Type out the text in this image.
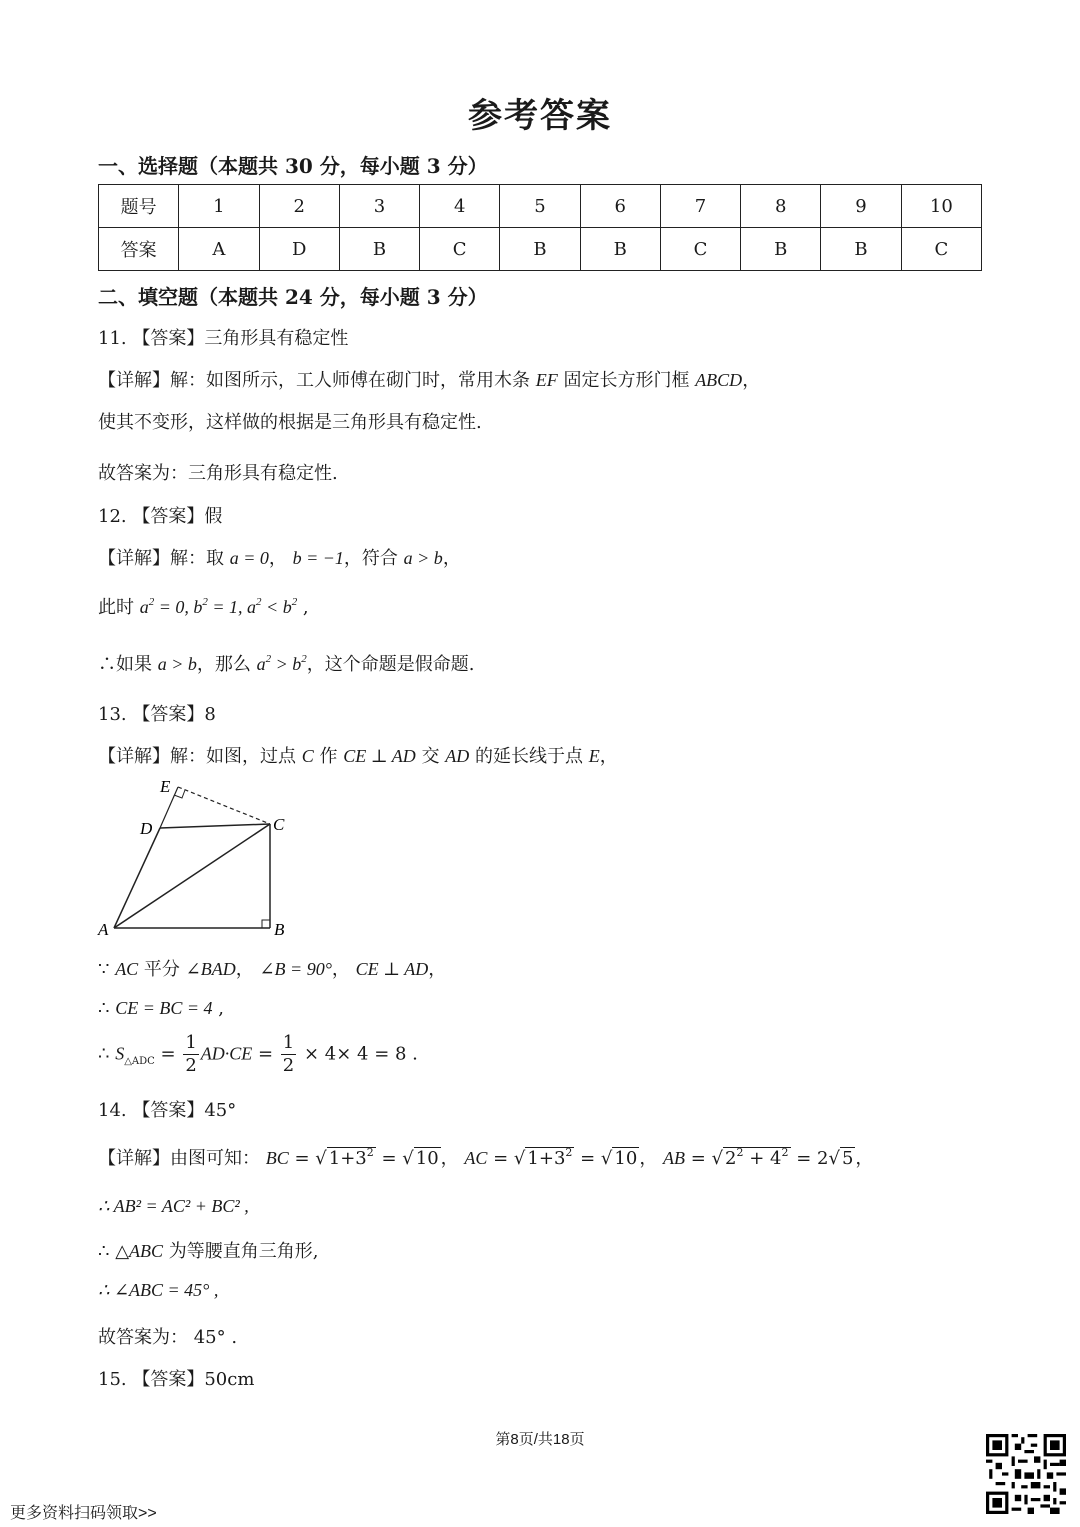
参考答案
一、选择题（本题共 30 分，每小题 3 分）
题号	1	2	3	4	5	6	7	8	9	10
答案	A	D	B	C	B	B	C	B	B	C
二、填空题（本题共 24 分，每小题 3 分）
11. 【答案】三角形具有稳定性
【详解】解：如图所示，工人师傅在砌门时，常用木条 EF 固定长方形门框 ABCD，
使其不变形，这样做的根据是三角形具有稳定性.
故答案为：三角形具有稳定性.
12. 【答案】假
【详解】解：取 a = 0， b = −1，符合 a > b，
此时 $a^2 = 0$, $b^2 = 1$, $a^2 < b^2$ ,
∴如果 a > b，那么 $a^2 > b^2$，这个命题是假命题.
13. 【答案】8
【详解】解：如图，过点 C 作 CE ⊥ AD 交 AD 的延长线于点 E，
E
D	C
A	B
∵ AC 平分 ∠BAD， ∠B = 90°， CE ⊥ AD，
∴ CE = BC = 4 ,
∴ $S_{\triangle ADC} = \frac{1}{2} AD\cdot CE = \frac{1}{2} \times 4\times 4 = 8$ .
14. 【答案】45°
【详解】由图可知： BC = √ $1+3^2$ = √ 10 ， AC = √ $1+3^2$ = √ 10 ， AB = √ $2^2 + 4^2 = 2√$ 5 ，
∴ AB² = AC² + BC² ,
∴ △ABC 为等腰直角三角形,
∴ ∠ABC = 45° ,
故答案为： 45° .
15. 【答案】50cm
第8页/共18页
更多资料扫码领取>>
